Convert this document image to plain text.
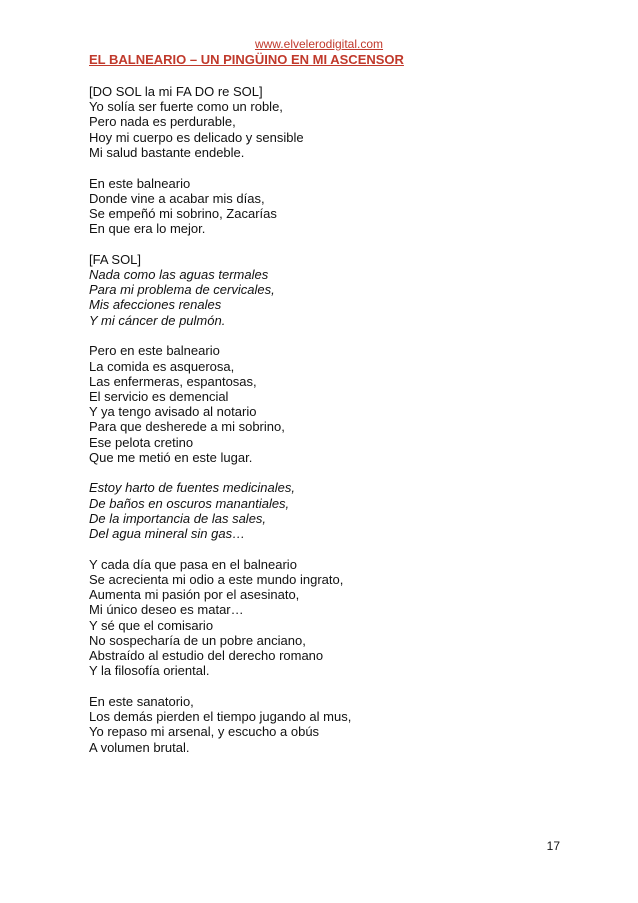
www.elvelerodigital.com
EL BALNEARIO – UN PINGÜINO EN MI ASCENSOR
[DO SOL la mi FA DO re SOL]
Yo solía ser fuerte como un roble,
Pero nada es perdurable,
Hoy mi cuerpo es delicado y sensible
Mi salud bastante endeble.
En este balneario
Donde vine a acabar mis días,
Se empeñó mi sobrino, Zacarías
En que era lo mejor.
[FA SOL]
Nada como las aguas termales
Para mi problema de cervicales,
Mis afecciones renales
Y mi cáncer de pulmón.
Pero en este balneario
La comida es asquerosa,
Las enfermeras, espantosas,
El servicio es demencial
Y ya tengo avisado al notario
Para que desherede a mi sobrino,
Ese pelota cretino
Que me metió en este lugar.
Estoy harto de fuentes medicinales,
De baños en oscuros manantiales,
De la importancia de las sales,
Del agua mineral sin gas…
Y cada día que pasa en el balneario
Se acrecienta mi odio a este mundo ingrato,
Aumenta mi pasión por el asesinato,
Mi único deseo es matar…
Y sé que el comisario
No sospecharía de un pobre anciano,
Abstraído al estudio del derecho romano
Y la filosofía oriental.
En este sanatorio,
Los demás pierden el tiempo jugando al mus,
Yo repaso mi arsenal, y escucho a obús
A volumen brutal.
17
